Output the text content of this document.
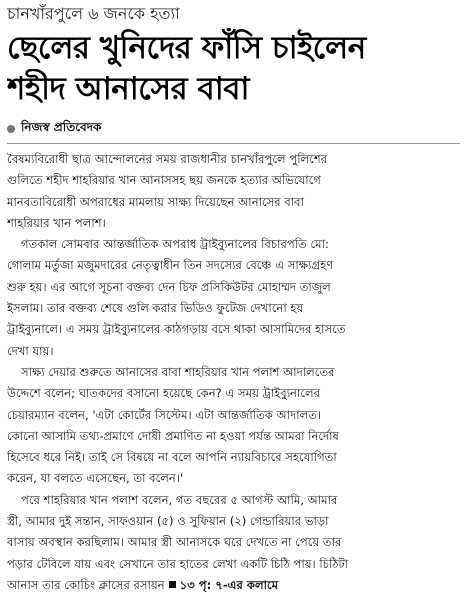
চানখাঁরপুলে ৬ জনকে হত্যা
ছেলের খুনিদের ফাঁসি চাইলেন
শহীদ আনাসের বাবা
নিজস্ব প্রতিবেদক
বৈষম্যবিরোধী ছাত্র আন্দোলনের সময় রাজধানীর চানখাঁরপুলে পুলিশের
গুলিতে শহীদ শাহরিয়ার খান আনাসসহ ছয় জনকে হত্যার অভিযোগে
মানবতাবিরোধী অপরাধের মামলায় সাক্ষ্য দিয়েছেন আনাসের বাবা
শাহরিয়ার খান পলাশ।
গতকাল সোমবার আন্তর্জাতিক অপরাধ ট্রাইব্যুনালের বিচারপতি মো:
গোলাম মর্তুজা মজুমদারের নেতৃত্বাধীন তিন সদস্যের বেঞ্চে এ সাক্ষ্যগ্রহণ
শুরু হয়। এর আগে সূচনা বক্তব্য দেন চিফ প্রসিকিউটর মোহাম্মদ তাজুল
ইসলাম। তার বক্তব্য শেষে গুলি করার ভিডিও ফুটেজ দেখানো হয়
ট্রাইব্যুনালে। এ সময় ট্রাইব্যুনালের কাঠগড়ায় বসে থাকা আসামিদের হাসতে
দেখা যায়।
সাক্ষ্য দেয়ার শুরুতে আনাসের বাবা শাহরিয়ার খান পলাশ আদালতের
উদ্দেশে বলেন; ঘাতকদের বসানো হয়েছে কেন? এ সময় ট্রাইব্যুনালের
চেয়ারম্যান বলেন, 'এটা কোর্টের সিস্টেম। এটা আন্তর্জাতিক আদালত।
কোনো আসামি তথ্য-প্রমাণে দোষী প্রমাণিত না হওয়া পর্যন্ত আমরা নির্দোষ
হিসেবে ধরে নিই। তাই সে বিষয়ে না বলে আপনি ন্যায়বিচারে সহযোগিতা
করেন, যা বলতে এসেছেন, তা বলেন।'
পরে শাহরিয়ার খান পলাশ বলেন, গত বছরের ৫ আগস্ট আমি, আমার
স্ত্রী, আমার দুই সন্তান, সাফওয়ান (৫) ও সুফিয়ান (২) গেন্ডারিয়ার ভাড়া
বাসায় অবস্থান করছিলাম। আমার স্ত্রী আনাসকে ঘরে দেখতে না পেয়ে তার
পড়ার টেবিলে যায় এবং সেখানে তার হাতের লেখা একটি চিঠি পায়। চিঠিটা
আনাস তার কোচিং ক্লাসের রসায়ন ১৩ পৃ: ৭-এর কলামে
